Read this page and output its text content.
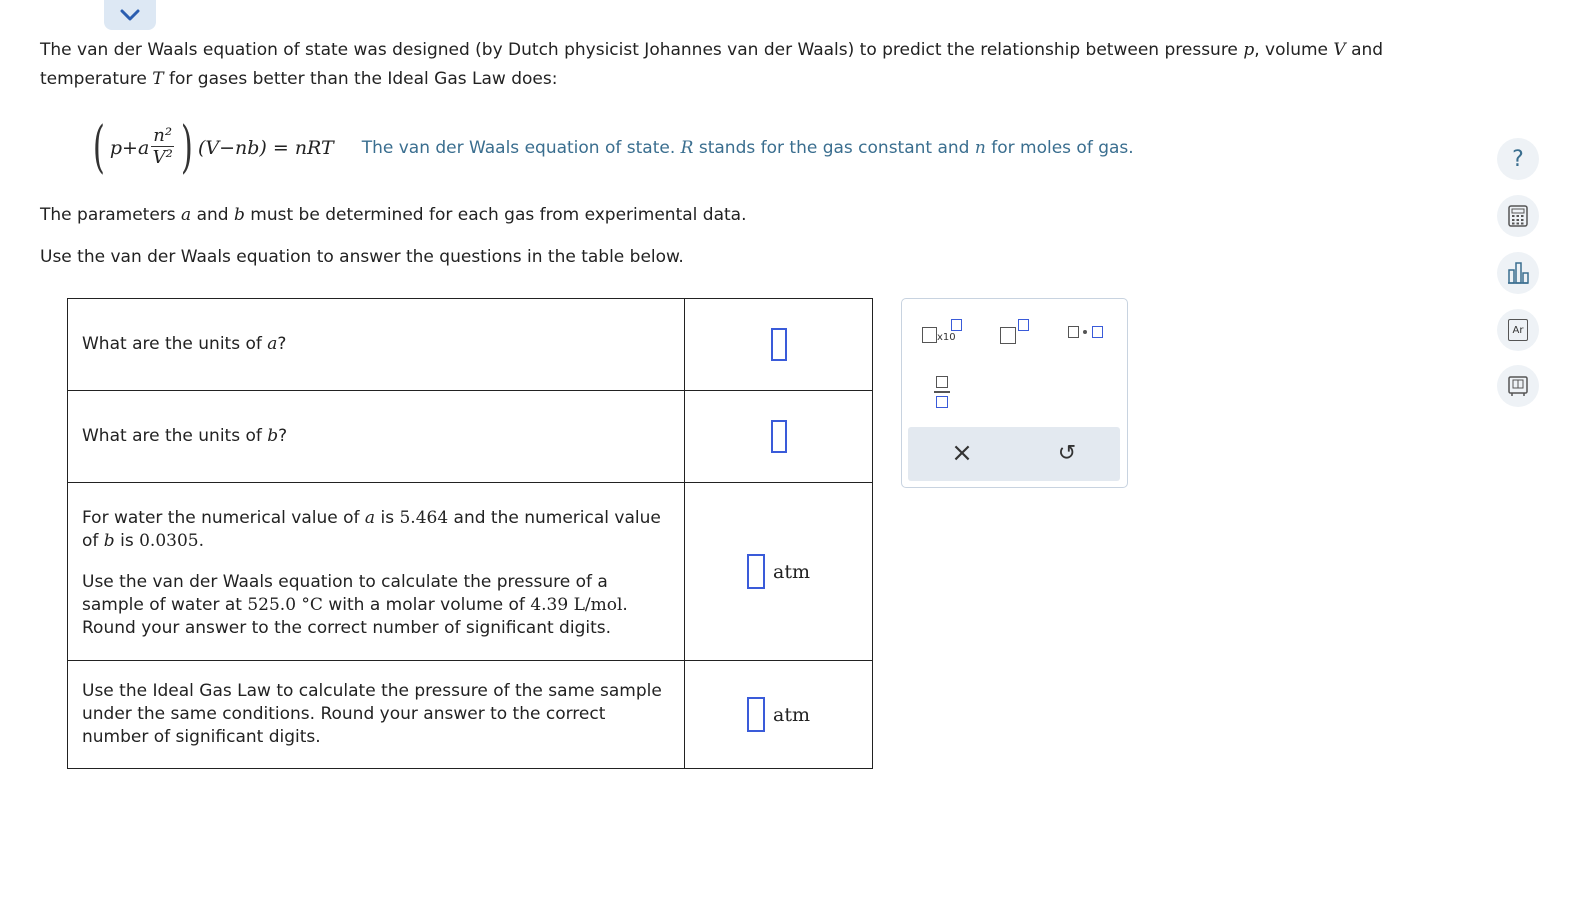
The van der Waals equation of state was designed (by Dutch physicist Johannes van der Waals) to predict the relationship between pressure p, volume V and
temperature T for gases better than the Ideal Gas Law does:
( $p+a \frac{\text{n²}}{\text{V²}}$ ) (V−nb) = nRT The van der Waals equation of state. R stands for the gas constant and n for moles of gas.
The parameters a and b must be determined for each gas from experimental data.
Use the van der Waals equation to answer the questions in the table below.
What are the units of a?	
What are the units of b?	

For water the numerical value of a is 5.464 and the numerical value of b is 0.0305.
Use the van der Waals equation to calculate the pressure of a sample of water at 525.0 °C with a molar volume of 4.39 L/mol. Round your answer to the correct number of significant digits.	atm

Use the Ideal Gas Law to calculate the pressure of the same sample under the same conditions. Round your answer to the correct number of significant digits.	atm
x10
×	↺
?
Ar
